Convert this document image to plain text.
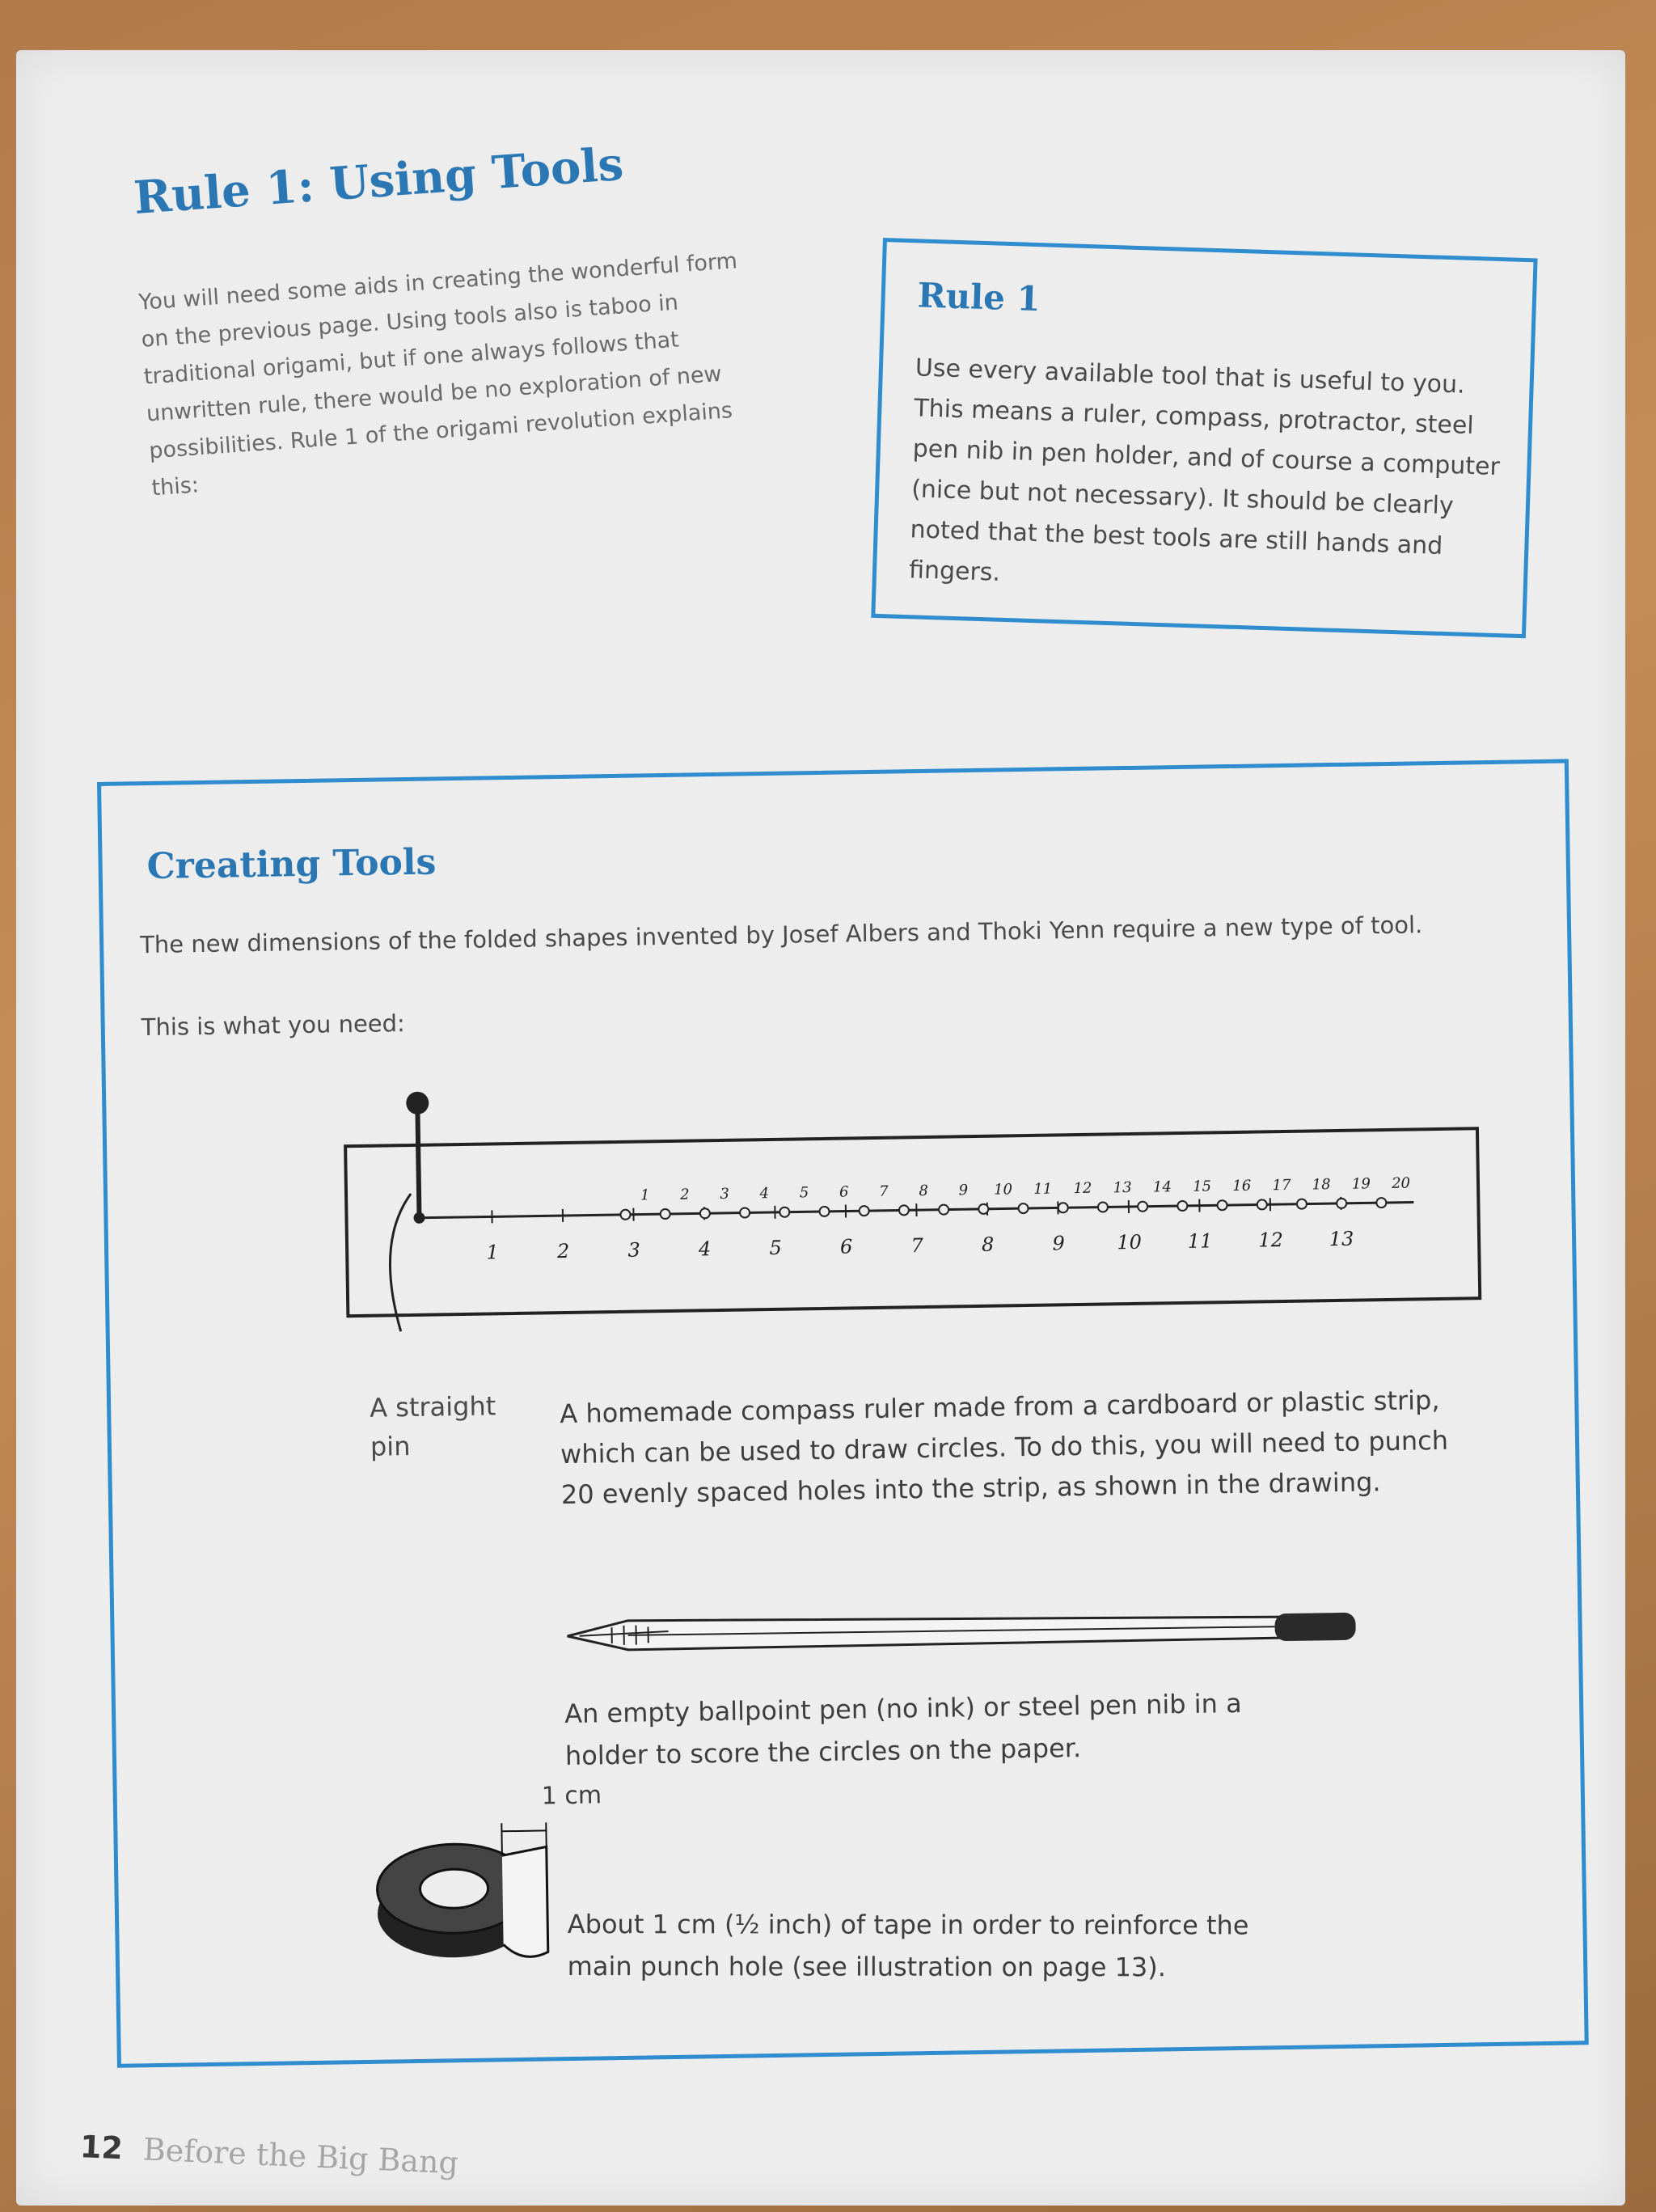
Rule 1: Using Tools

You will need some aids in creating the wonderful form on the previous page. Using tools also is taboo in traditional origami, but if one always follows that unwritten rule, there would be no exploration of new possibilities. Rule 1 of the origami revolution explains this:

Rule 1

Use every available tool that is useful to you. This means a ruler, compass, protractor, steel pen nib in pen holder, and of course a computer (nice but not necessary). It should be clearly noted that the best tools are still hands and fingers.

Creating Tools

The new dimensions of the folded shapes invented by Josef Albers and Thoki Yenn require a new type of tool.

This is what you need:

1	2	3	4	5	6	7	8	9	10 11 12 13
1 2 3 4 5 6 7 8 9 10 11 12 13 14 15 16 17 18 19 20

A straight pin

A homemade compass ruler made from a cardboard or plastic strip, which can be used to draw circles. To do this, you will need to punch 20 evenly spaced holes into the strip, as shown in the drawing.

An empty ballpoint pen (no ink) or steel pen nib in a holder to score the circles on the paper.

1 cm

About 1 cm (½ inch) of tape in order to reinforce the main punch hole (see illustration on page 13).

12 Before the Big Bang
